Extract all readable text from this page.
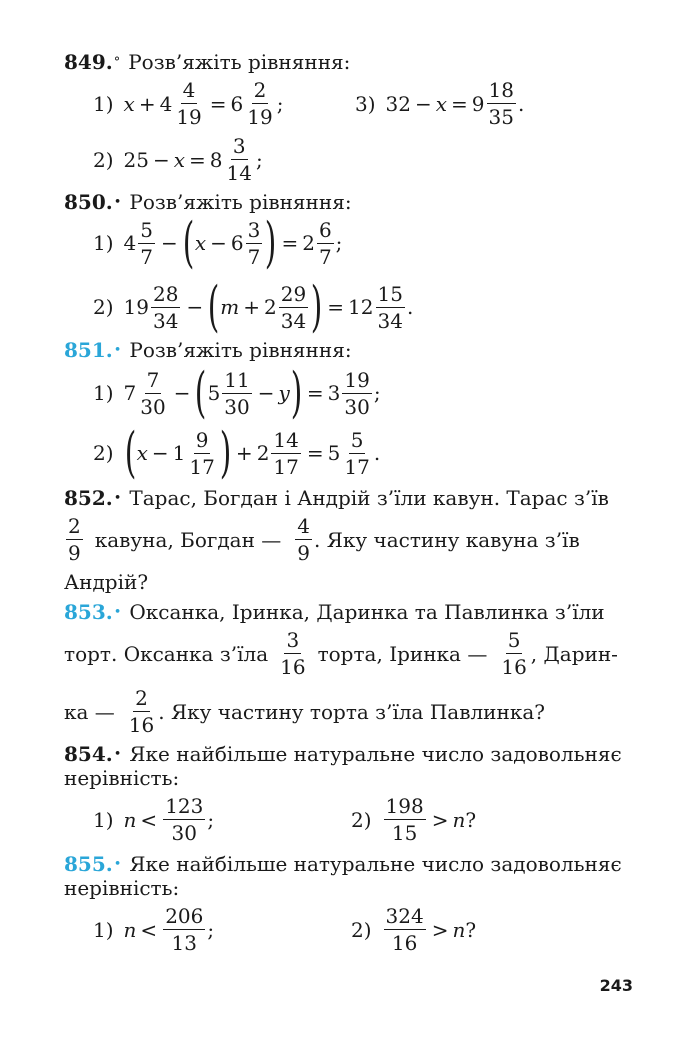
849. ° Розв’яжіть рівняння:
1) $x + 4 \frac{4}{19} = 6 \frac{2}{19}$ ;	3) $32 - x = 9 \frac{18}{35}$ .
2) $25 - x = 8 \frac{3}{14}$ ;
850. • Розв’яжіть рівняння:
1) $4 \frac{5}{7}$ − ( $x - 6 \frac{3}{7}$ ) = $2 \frac{6}{7}$ ;
2) $19 \frac{28}{34}$ − ( $m + 2 \frac{29}{34}$ ) = $12 \frac{15}{34}$ .
851. • Розв’яжіть рівняння:
1) $7 \frac{7}{30}$ − ( $5 \frac{11}{30} - y$ ) = $3 \frac{19}{30}$ ;
2) ( $x - 1 \frac{9}{17}$ ) + $2 \frac{14}{17} = 5 \frac{5}{17}$ .
852. • Тарас, Богдан і Андрій з’їли кавун. Тарас з’їв
$\frac{2}{9}$ кавуна, Богдан — $\frac{4}{9}$ . Яку частину кавуна з’їв
Андрій?
853. • Оксанка, Іринка, Даринка та Павлинка з’їли
торт. Оксанка з’їла $\frac{3}{16}$ торта, Іринка — $\frac{5}{16}$ , Дарин-
ка — $\frac{2}{16}$ . Яку частину торта з’їла Павлинка?
854. • Яке найбільше натуральне число задовольняє
нерівність:
1) $n < \frac{123}{30}$ ;	$2) \frac{198}{15} > n$ ?
855. • Яке найбільше натуральне число задовольняє
нерівність:
1) $n < \frac{206}{13}$ ;	$2) \frac{324}{16} > n$ ?
243
